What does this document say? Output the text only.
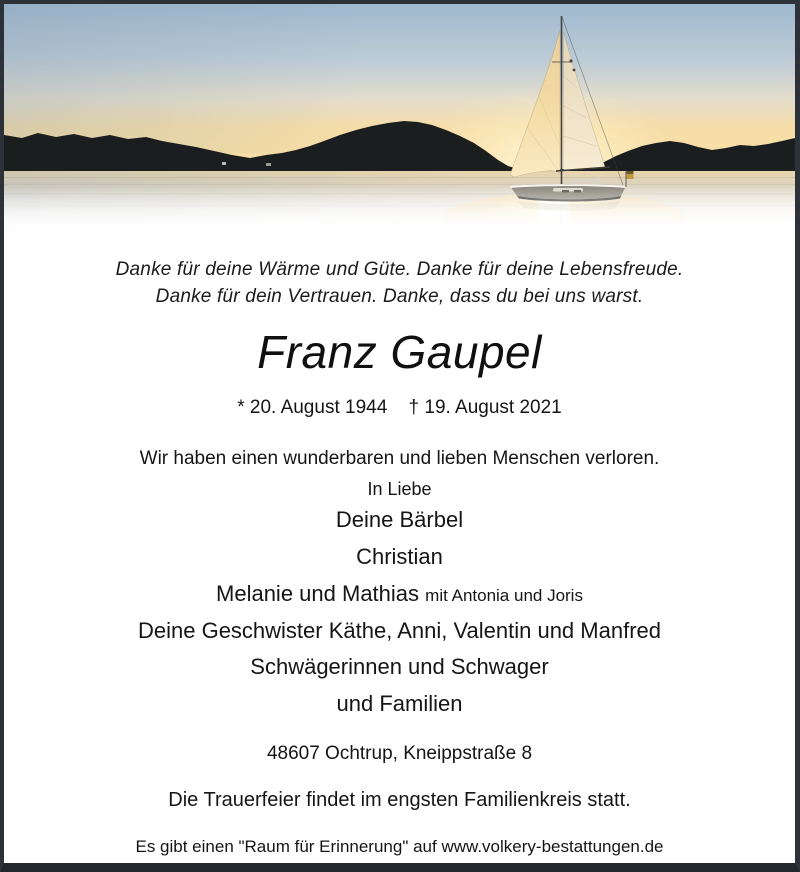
Danke für deine Wärme und Güte. Danke für deine Lebensfreude.
Danke für dein Vertrauen. Danke, dass du bei uns warst.
Franz Gaupel
* 20. August 1944 † 19. August 2021
Wir haben einen wunderbaren und lieben Menschen verloren.
In Liebe
Deine Bärbel
Christian
Melanie und Mathias mit Antonia und Joris
Deine Geschwister Käthe, Anni, Valentin und Manfred
Schwägerinnen und Schwager
und Familien
48607 Ochtrup, Kneippstraße 8
Die Trauerfeier findet im engsten Familienkreis statt.
Es gibt einen "Raum für Erinnerung" auf www.volkery-bestattungen.de
